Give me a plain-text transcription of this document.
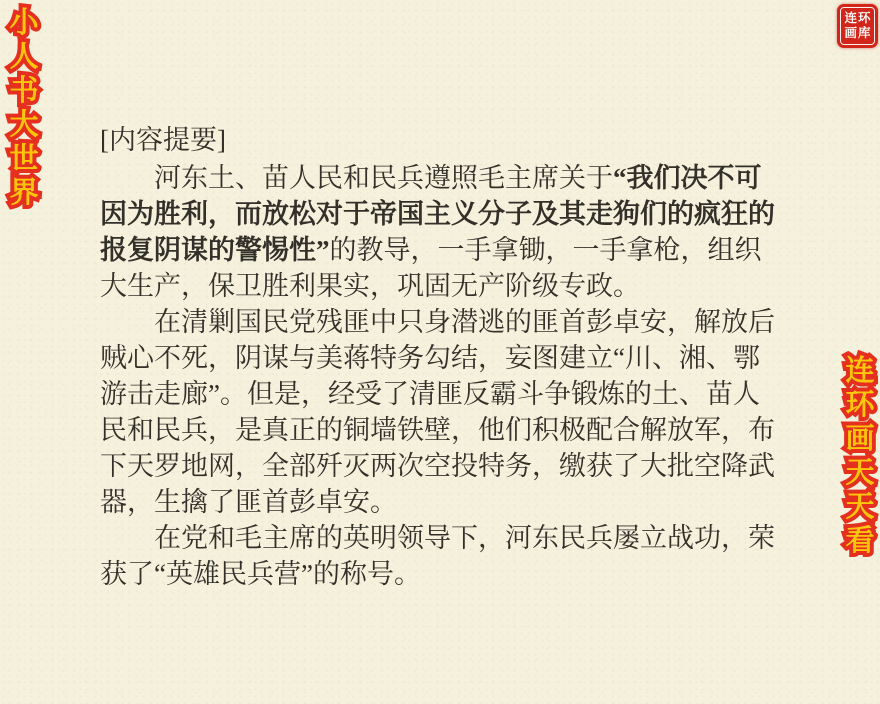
小
人
书
大
世
界
连环
画库
连
环
画
天
天
看
[内容提要]
河东土、苗人民和民兵遵照毛主席关于“我们决不可
因为胜利，而放松对于帝国主义分子及其走狗们的疯狂的
报复阴谋的警惕性”的教导，一手拿锄，一手拿枪，组织
大生产，保卫胜利果实，巩固无产阶级专政。
在清剿国民党残匪中只身潜逃的匪首彭卓安，解放后
贼心不死，阴谋与美蒋特务勾结，妄图建立“川、湘、鄂
游击走廊”。但是，经受了清匪反霸斗争锻炼的土、苗人
民和民兵，是真正的铜墙铁壁，他们积极配合解放军，布
下天罗地网，全部歼灭两次空投特务，缴获了大批空降武
器，生擒了匪首彭卓安。
在党和毛主席的英明领导下，河东民兵屡立战功，荣
获了“英雄民兵营”的称号。
